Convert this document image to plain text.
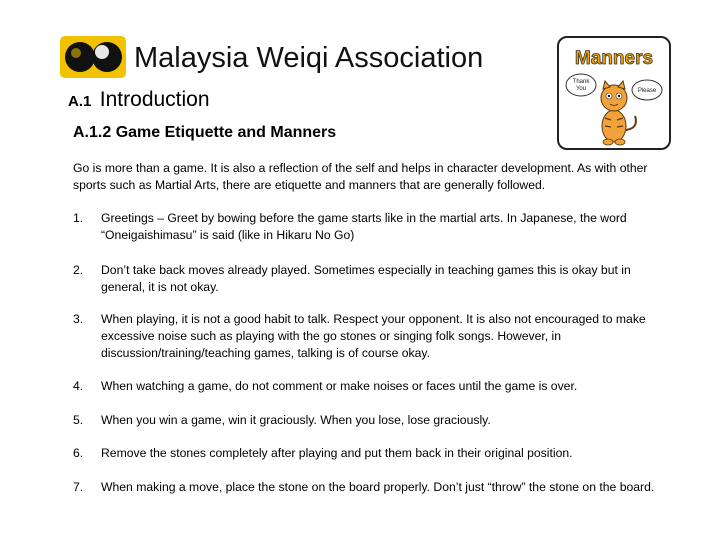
Malaysia Weiqi Association
A.1 Introduction
A.1.2 Game Etiquette and Manners
Manners
Thank You	Please

Go is more than a game. It is also a reflection of the self and helps in character development. As with other sports such as Martial Arts, there are etiquette and manners that are generally followed.

1.	Greetings – Greet by bowing before the game starts like in the martial arts. In Japanese, the word “Oneigaishimasu” is said (like in Hikaru No Go)
2.	Don’t take back moves already played. Sometimes especially in teaching games this is okay but in general, it is not okay.
3.	When playing, it is not a good habit to talk. Respect your opponent. It is also not encouraged to make excessive noise such as playing with the go stones or singing folk songs. However, in discussion/training/teaching games, talking is of course okay.
4.	When watching a game, do not comment or make noises or faces until the game is over.
5.	When you win a game, win it graciously. When you lose, lose graciously.
6.	Remove the stones completely after playing and put them back in their original position.
7.	When making a move, place the stone on the board properly. Don’t just “throw” the stone on the board.
